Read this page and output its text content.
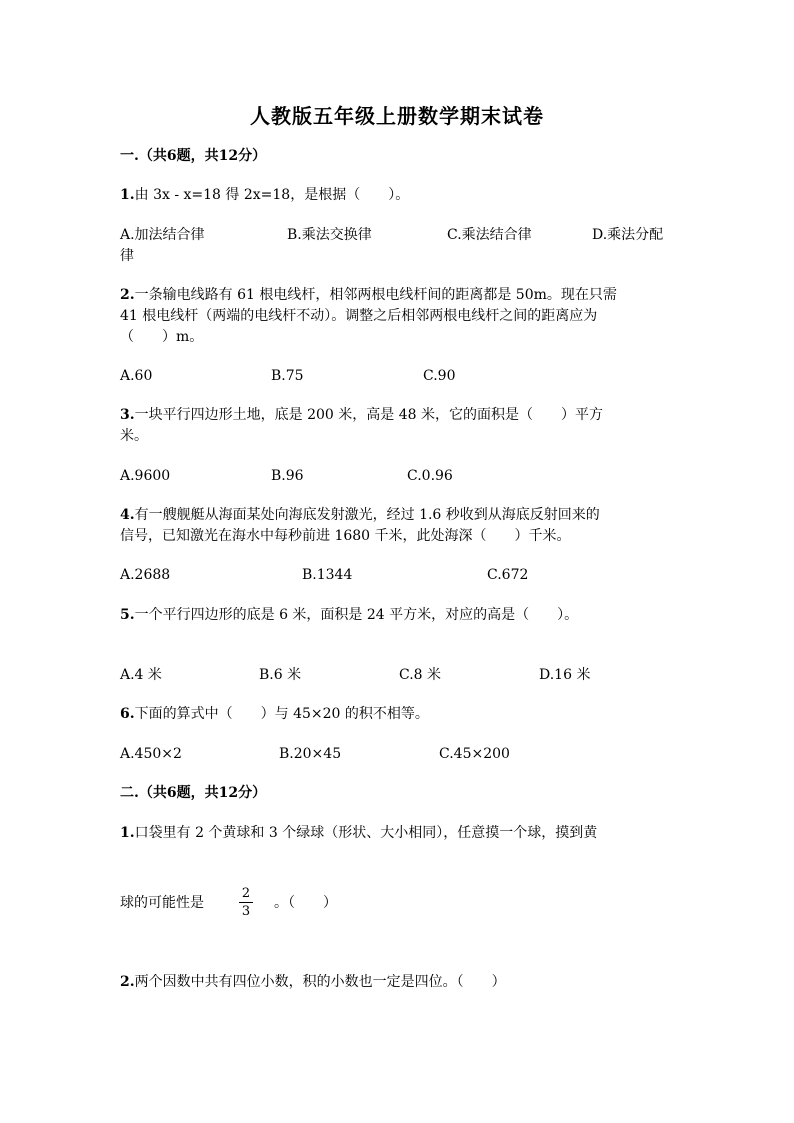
人教版五年级上册数学期末试卷
一.（共6题，共12分）
1.由 3x - x=18 得 2x=18，是根据（　　）。
A.加法结合律	B.乘法交换律	C.乘法结合律	D.乘法分配
律
2.一条输电线路有 61 根电线杆，相邻两根电线杆间的距离都是 50m。现在只需
41 根电线杆（两端的电线杆不动）。调整之后相邻两根电线杆之间的距离应为
（　　）m。
A.60	B.75	C.90
3.一块平行四边形土地，底是 200 米，高是 48 米，它的面积是（　　）平方
米。
A.9600	B.96	C.0.96
4.有一艘舰艇从海面某处向海底发射激光，经过 1.6 秒收到从海底反射回来的
信号，已知激光在海水中每秒前进 1680 千米，此处海深（　　）千米。
A.2688	B.1344	C.672
5.一个平行四边形的底是 6 米，面积是 24 平方米，对应的高是（　　）。
A.4 米	B.6 米	C.8 米	D.16 米
6.下面的算式中（　　）与 45×20 的积不相等。
A.450×2	B.20×45	C.45×200
二.（共6题，共12分）
1.口袋里有 2 个黄球和 3 个绿球（形状、大小相同），任意摸一个球，摸到黄
球的可能性是
2
3
。（　　）
2.两个因数中共有四位小数，积的小数也一定是四位。（　　）
